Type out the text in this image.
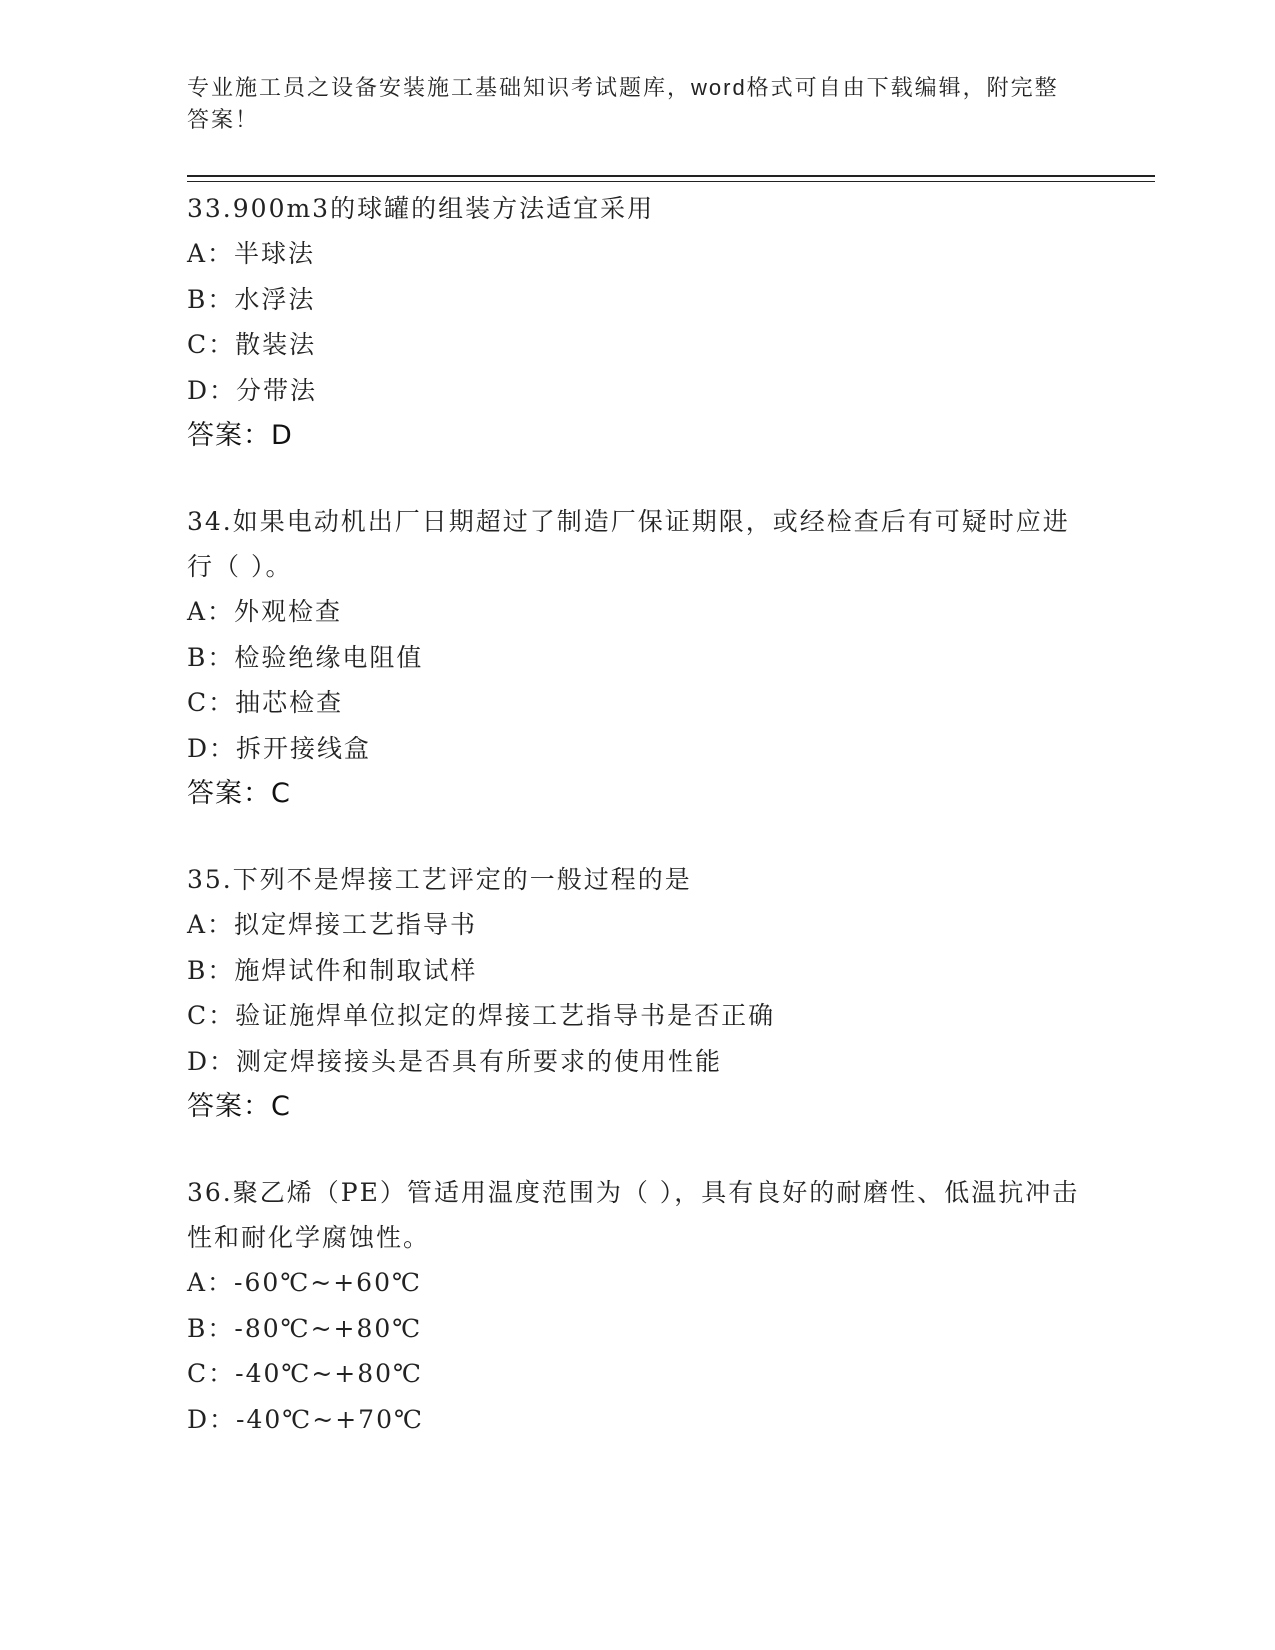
专业施工员之设备安装施工基础知识考试题库，word格式可自由下载编辑，附完整答案！
33.900m3的球罐的组装方法适宜采用
A：半球法
B：水浮法
C：散装法
D：分带法
答案：D
34.如果电动机出厂日期超过了制造厂保证期限，或经检查后有可疑时应进行（ ）。
A：外观检查
B：检验绝缘电阻值
C：抽芯检查
D：拆开接线盒
答案：C
35.下列不是焊接工艺评定的一般过程的是
A：拟定焊接工艺指导书
B：施焊试件和制取试样
C：验证施焊单位拟定的焊接工艺指导书是否正确
D：测定焊接接头是否具有所要求的使用性能
答案：C
36.聚乙烯（PE）管适用温度范围为（ ），具有良好的耐磨性、低温抗冲击性和耐化学腐蚀性。
A：-60℃~+60℃
B：-80℃~+80℃
C：-40℃~+80℃
D：-40℃~+70℃
